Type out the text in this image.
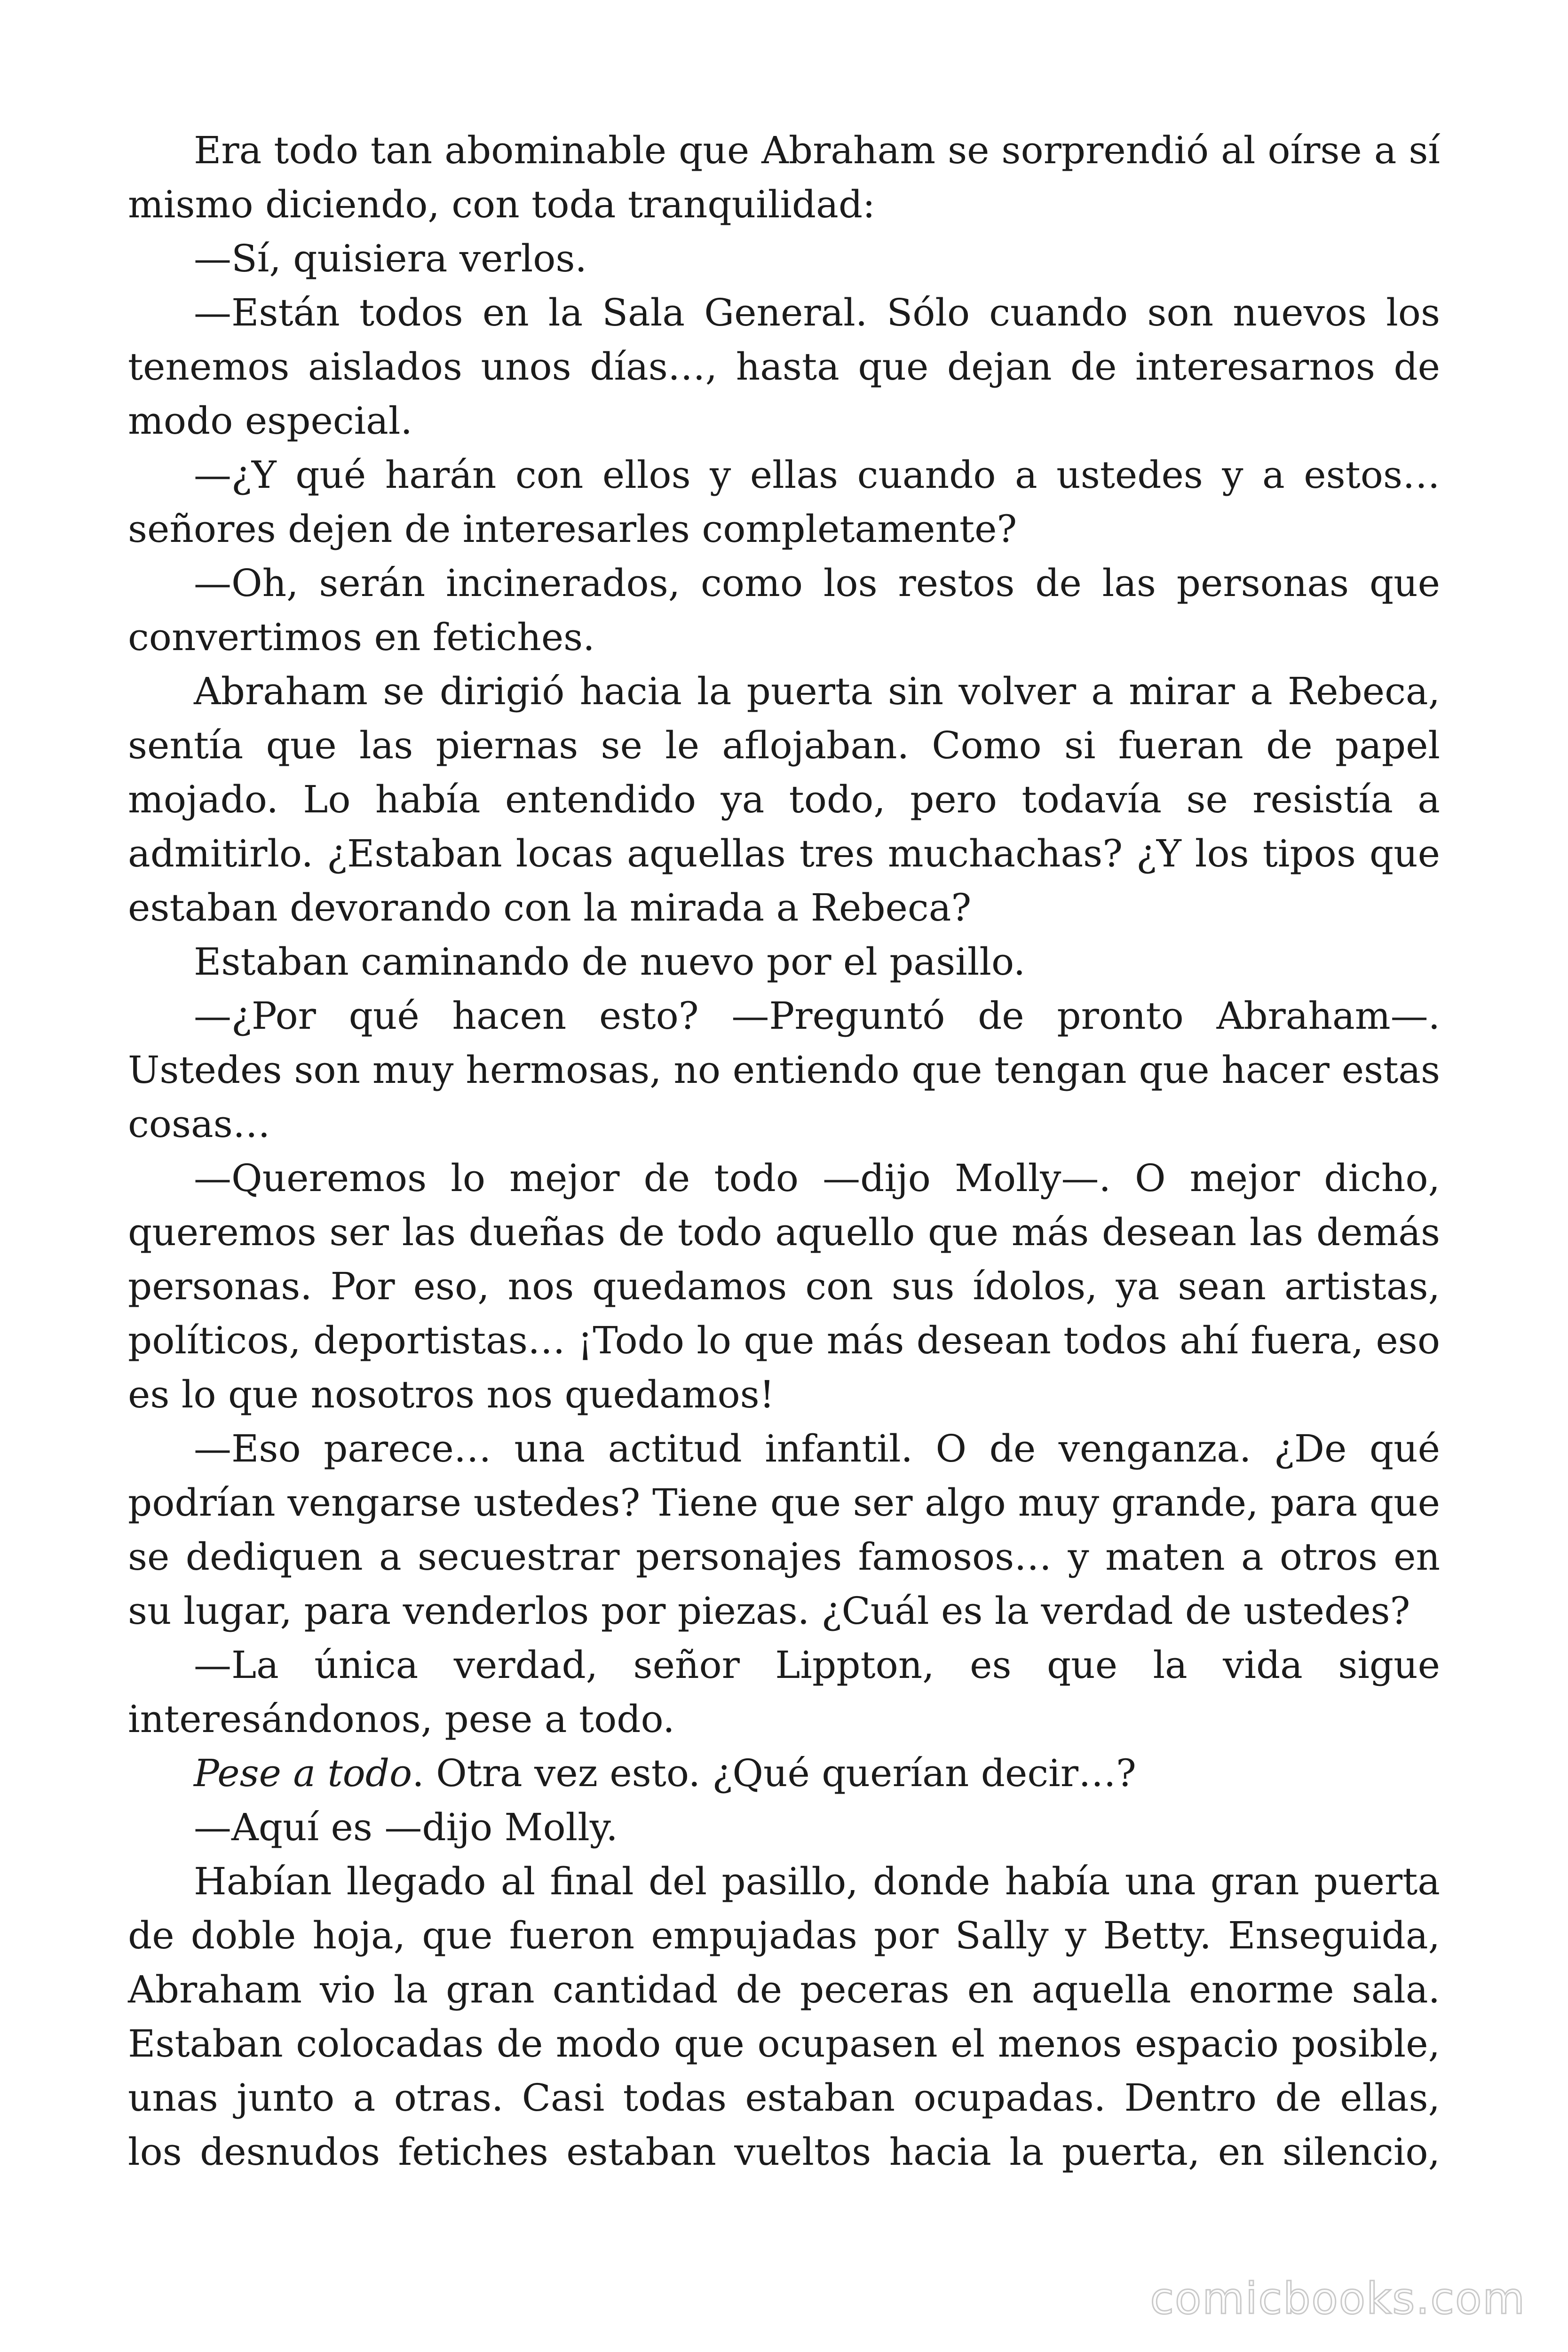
Era todo tan abominable que Abraham se sorprendió al oírse a sí mismo diciendo, con toda tranquilidad:

—Sí, quisiera verlos.

—Están todos en la Sala General. Sólo cuando son nuevos los tenemos aislados unos días…, hasta que dejan de interesarnos de modo especial.

—¿Y qué harán con ellos y ellas cuando a ustedes y a estos… señores dejen de interesarles completamente?

—Oh, serán incinerados, como los restos de las personas que convertimos en fetiches.

Abraham se dirigió hacia la puerta sin volver a mirar a Rebeca, sentía que las piernas se le aflojaban. Como si fueran de papel mojado. Lo había entendido ya todo, pero todavía se resistía a admitirlo. ¿Estaban locas aquellas tres muchachas? ¿Y los tipos que estaban devorando con la mirada a Rebeca?

Estaban caminando de nuevo por el pasillo.

—¿Por qué hacen esto? —Preguntó de pronto Abraham—. Ustedes son muy hermosas, no entiendo que tengan que hacer estas cosas…

—Queremos lo mejor de todo —dijo Molly—. O mejor dicho, queremos ser las dueñas de todo aquello que más desean las demás personas. Por eso, nos quedamos con sus ídolos, ya sean artistas, políticos, deportistas… ¡Todo lo que más desean todos ahí fuera, eso es lo que nosotros nos quedamos!

—Eso parece… una actitud infantil. O de venganza. ¿De qué podrían vengarse ustedes? Tiene que ser algo muy grande, para que se dediquen a secuestrar personajes famosos… y maten a otros en su lugar, para venderlos por piezas. ¿Cuál es la verdad de ustedes?

—La única verdad, señor Lippton, es que la vida sigue interesándonos, pese a todo.

Pese a todo. Otra vez esto. ¿Qué querían decir…?

—Aquí es —dijo Molly.

Habían llegado al final del pasillo, donde había una gran puerta de doble hoja, que fueron empujadas por Sally y Betty. Enseguida, Abraham vio la gran cantidad de peceras en aquella enorme sala. Estaban colocadas de modo que ocupasen el menos espacio posible, unas junto a otras. Casi todas estaban ocupadas. Dentro de ellas, los desnudos fetiches estaban vueltos hacia la puerta, en silencio,

comicbooks.com
